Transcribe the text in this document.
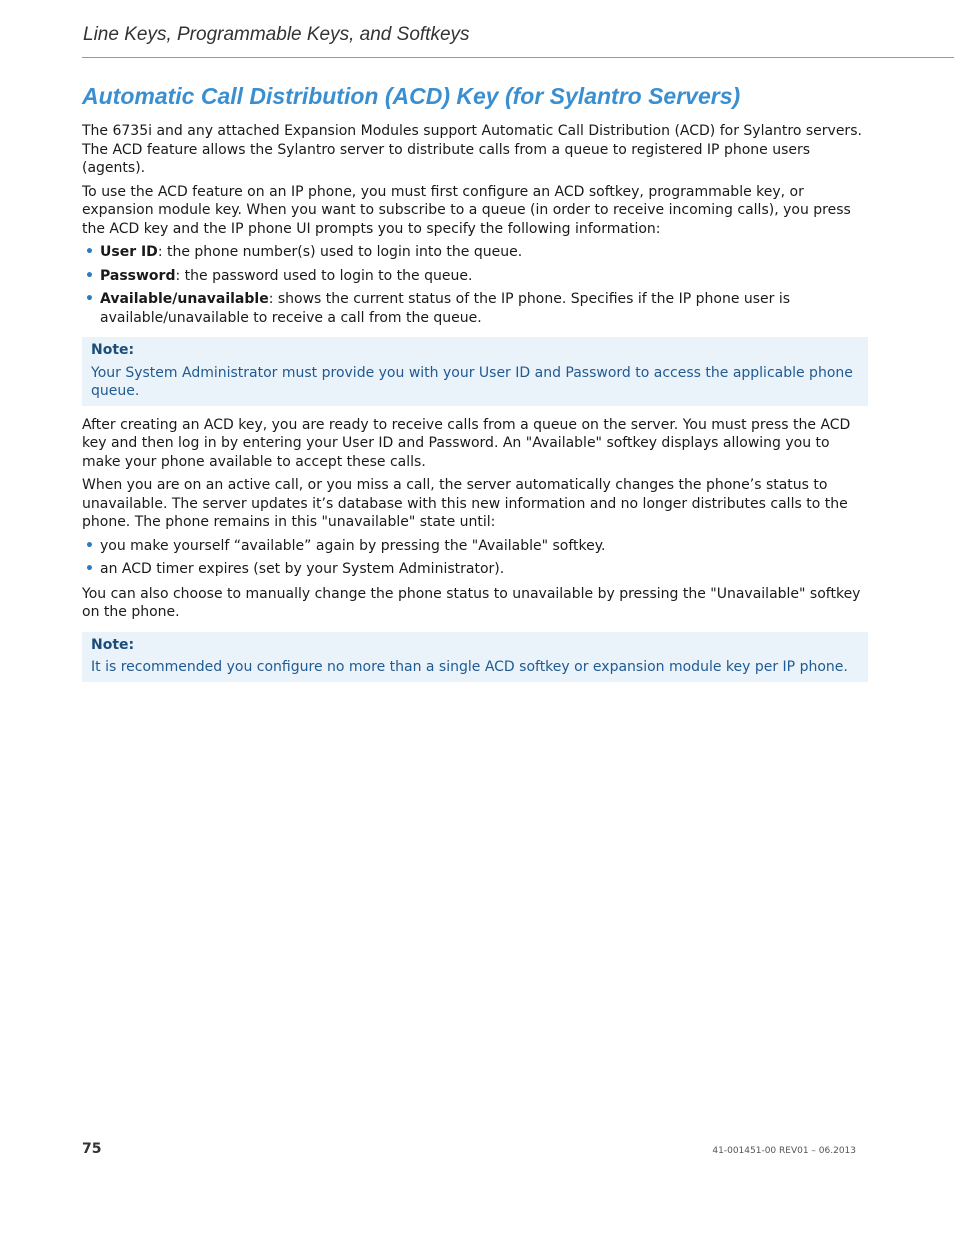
Line Keys, Programmable Keys, and Softkeys
Automatic Call Distribution (ACD) Key (for Sylantro Servers)

The 6735i and any attached Expansion Modules support Automatic Call Distribution (ACD) for Sylantro servers. The ACD feature allows the Sylantro server to distribute calls from a queue to registered IP phone users (agents).

To use the ACD feature on an IP phone, you must first configure an ACD softkey, programmable key, or expansion module key. When you want to subscribe to a queue (in order to receive incoming calls), you press the ACD key and the IP phone UI prompts you to specify the following information:

• User ID: the phone number(s) used to login into the queue.
• Password: the password used to login to the queue.
• Available/unavailable: shows the current status of the IP phone. Specifies if the IP phone user is available/unavailable to receive a call from the queue.
Note:
Your System Administrator must provide you with your User ID and Password to access the applicable phone queue.

After creating an ACD key, you are ready to receive calls from a queue on the server. You must press the ACD key and then log in by entering your User ID and Password. An "Available" softkey displays allowing you to make your phone available to accept these calls.

When you are on an active call, or you miss a call, the server automatically changes the phone’s status to unavailable. The server updates it’s database with this new information and no longer distributes calls to the phone. The phone remains in this "unavailable" state until:

• you make yourself “available” again by pressing the "Available" softkey.
• an ACD timer expires (set by your System Administrator).

You can also choose to manually change the phone status to unavailable by pressing the "Unavailable" softkey on the phone.

Note:
It is recommended you configure no more than a single ACD softkey or expansion module key per IP phone.
75	41-001451-00 REV01 – 06.2013
